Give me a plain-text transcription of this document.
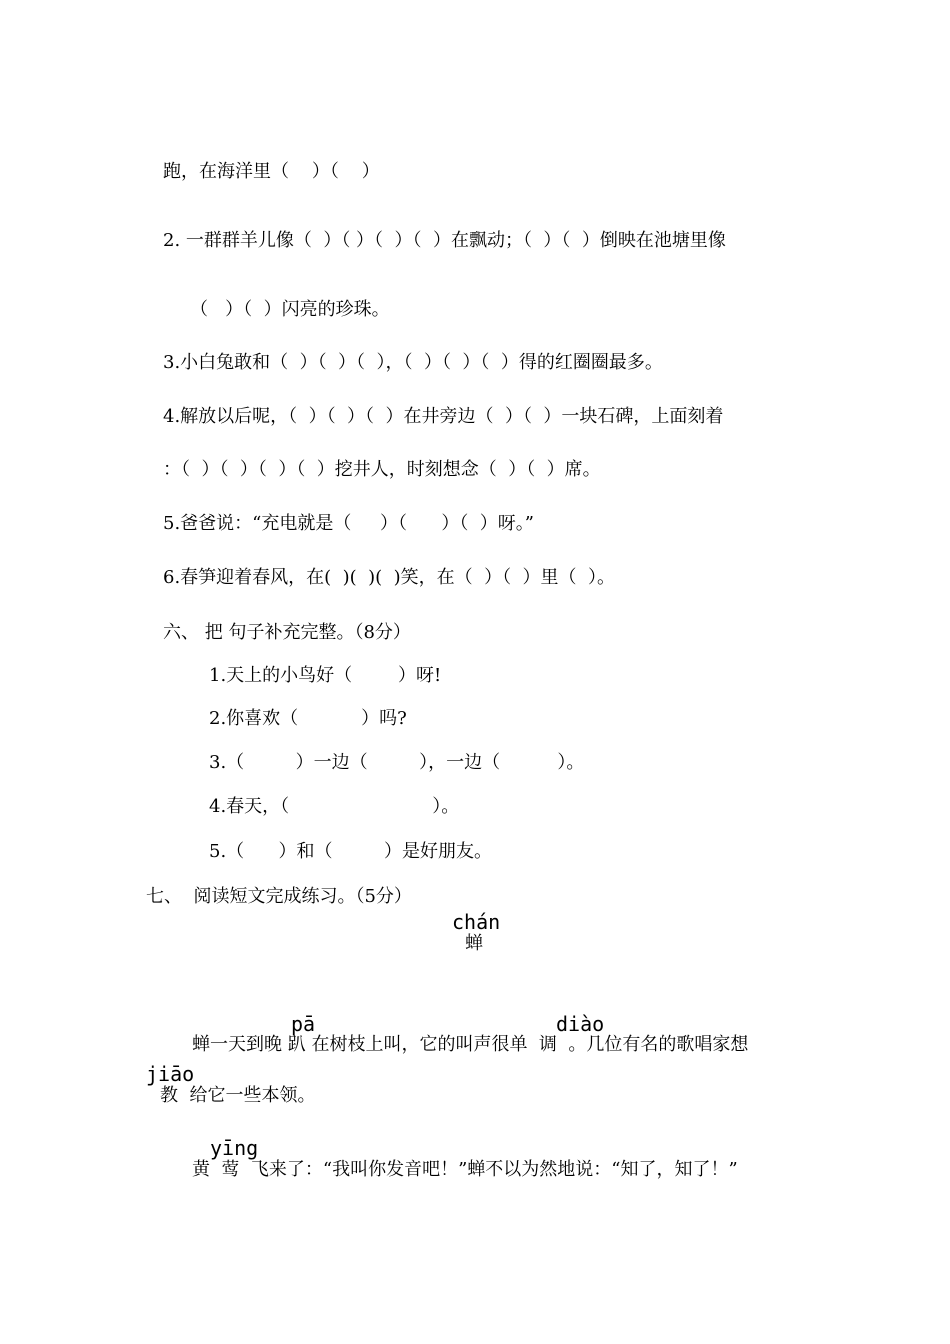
跑，在海洋里（    ）（    ）
2. 一群群羊儿像（  ）（ ）（  ）（  ）在飘动；（  ）（  ）倒映在池塘里像
（   ）（  ）闪亮的珍珠。
3.小白兔敢和（  ）（  ）（  ），（  ）（  ）（  ）得的红圈圈最多。
4.解放以后呢，（  ）（  ）（  ）在井旁边（  ）（  ）一块石碑，上面刻着
：（  ）（  ）（  ）（  ）挖井人，时刻想念（  ）（  ）席。
5.爸爸说：“充电就是（     ）（      ）（  ）呀。”
6.春笋迎着春风，在(  )(  )(  )笑，在（  ）（  ）里（  ）。
六、 把 句子补充完整。（8分）
1.天上的小鸟好（        ）呀!
2.你喜欢（           ）吗?
3.（         ）一边（         ），一边（          ）。
4.春天，（                         ）。
5.（      ）和（         ）是好朋友。
七、  阅读短文完成练习。（5分）
chán
蝉
pā	diào
蝉一天到晚 趴 在树枝上叫，它的叫声很单  调  。几位有名的歌唱家想
jiāo
教  给它一些本领。
yīng
黄  莺  飞来了：“我叫你发音吧！”蝉不以为然地说：“知了，知了！”
